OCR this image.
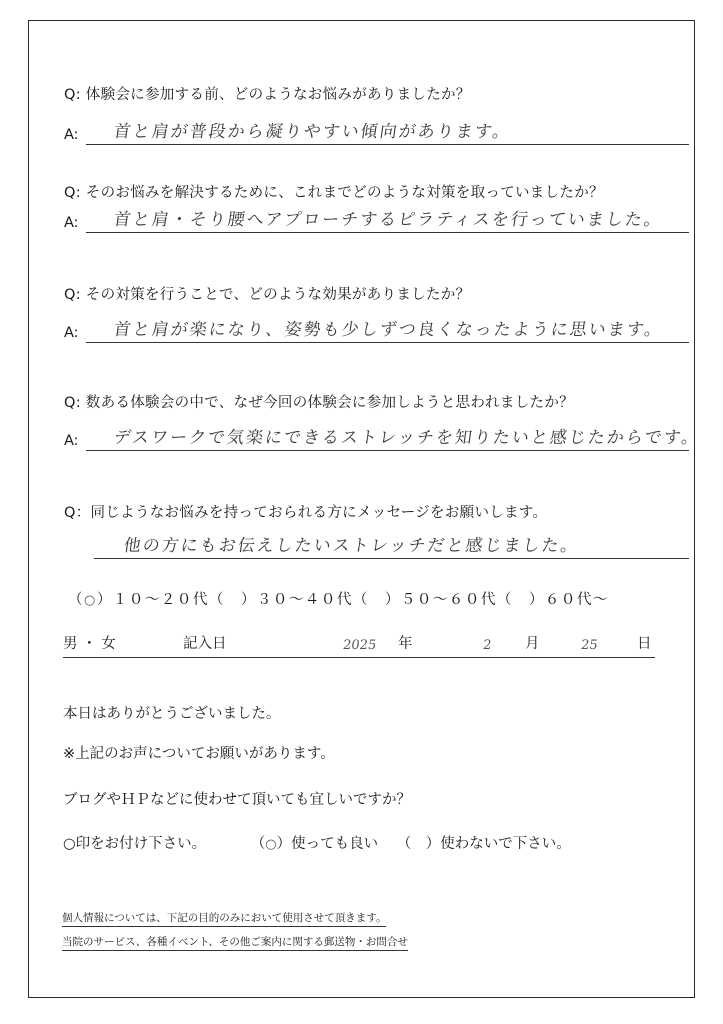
Q: 体験会に参加する前、どのようなお悩みがありましたか？
A: 首と肩が普段から凝りやすい傾向があります。
Q: そのお悩みを解決するために、これまでどのような対策を取っていましたか？
A: 首と肩・そり腰へアプローチするピラティスを行っていました。
Q: その対策を行うことで、どのような効果がありましたか？
A: 首と肩が楽になり、姿勢も少しずつ良くなったように思います。
Q: 数ある体験会の中で、なぜ今回の体験会に参加しようと思われましたか？
A: デスワークで気楽にできるストレッチを知りたいと感じたからです。
Q：同じようなお悩みを持っておられる方にメッセージをお願いします。
他の方にもお伝えしたいストレッチだと感じました。
（○）１０～２０代（　）３０～４０代（　）５０～６０代（　）６０代～
男 ・ 女	記入日	2025 年	2 月	25	日
本日はありがとうございました。
※上記のお声についてお願いがあります。
ブログやＨＰなどに使わせて頂いても宜しいですか？
○印をお付け下さい。	（○）使っても良い （　）使わないで下さい。
個人情報については、下記の目的のみにおいて使用させて頂きます。
当院のサービス、各種イベント、その他ご案内に関する郵送物・お問合せ
